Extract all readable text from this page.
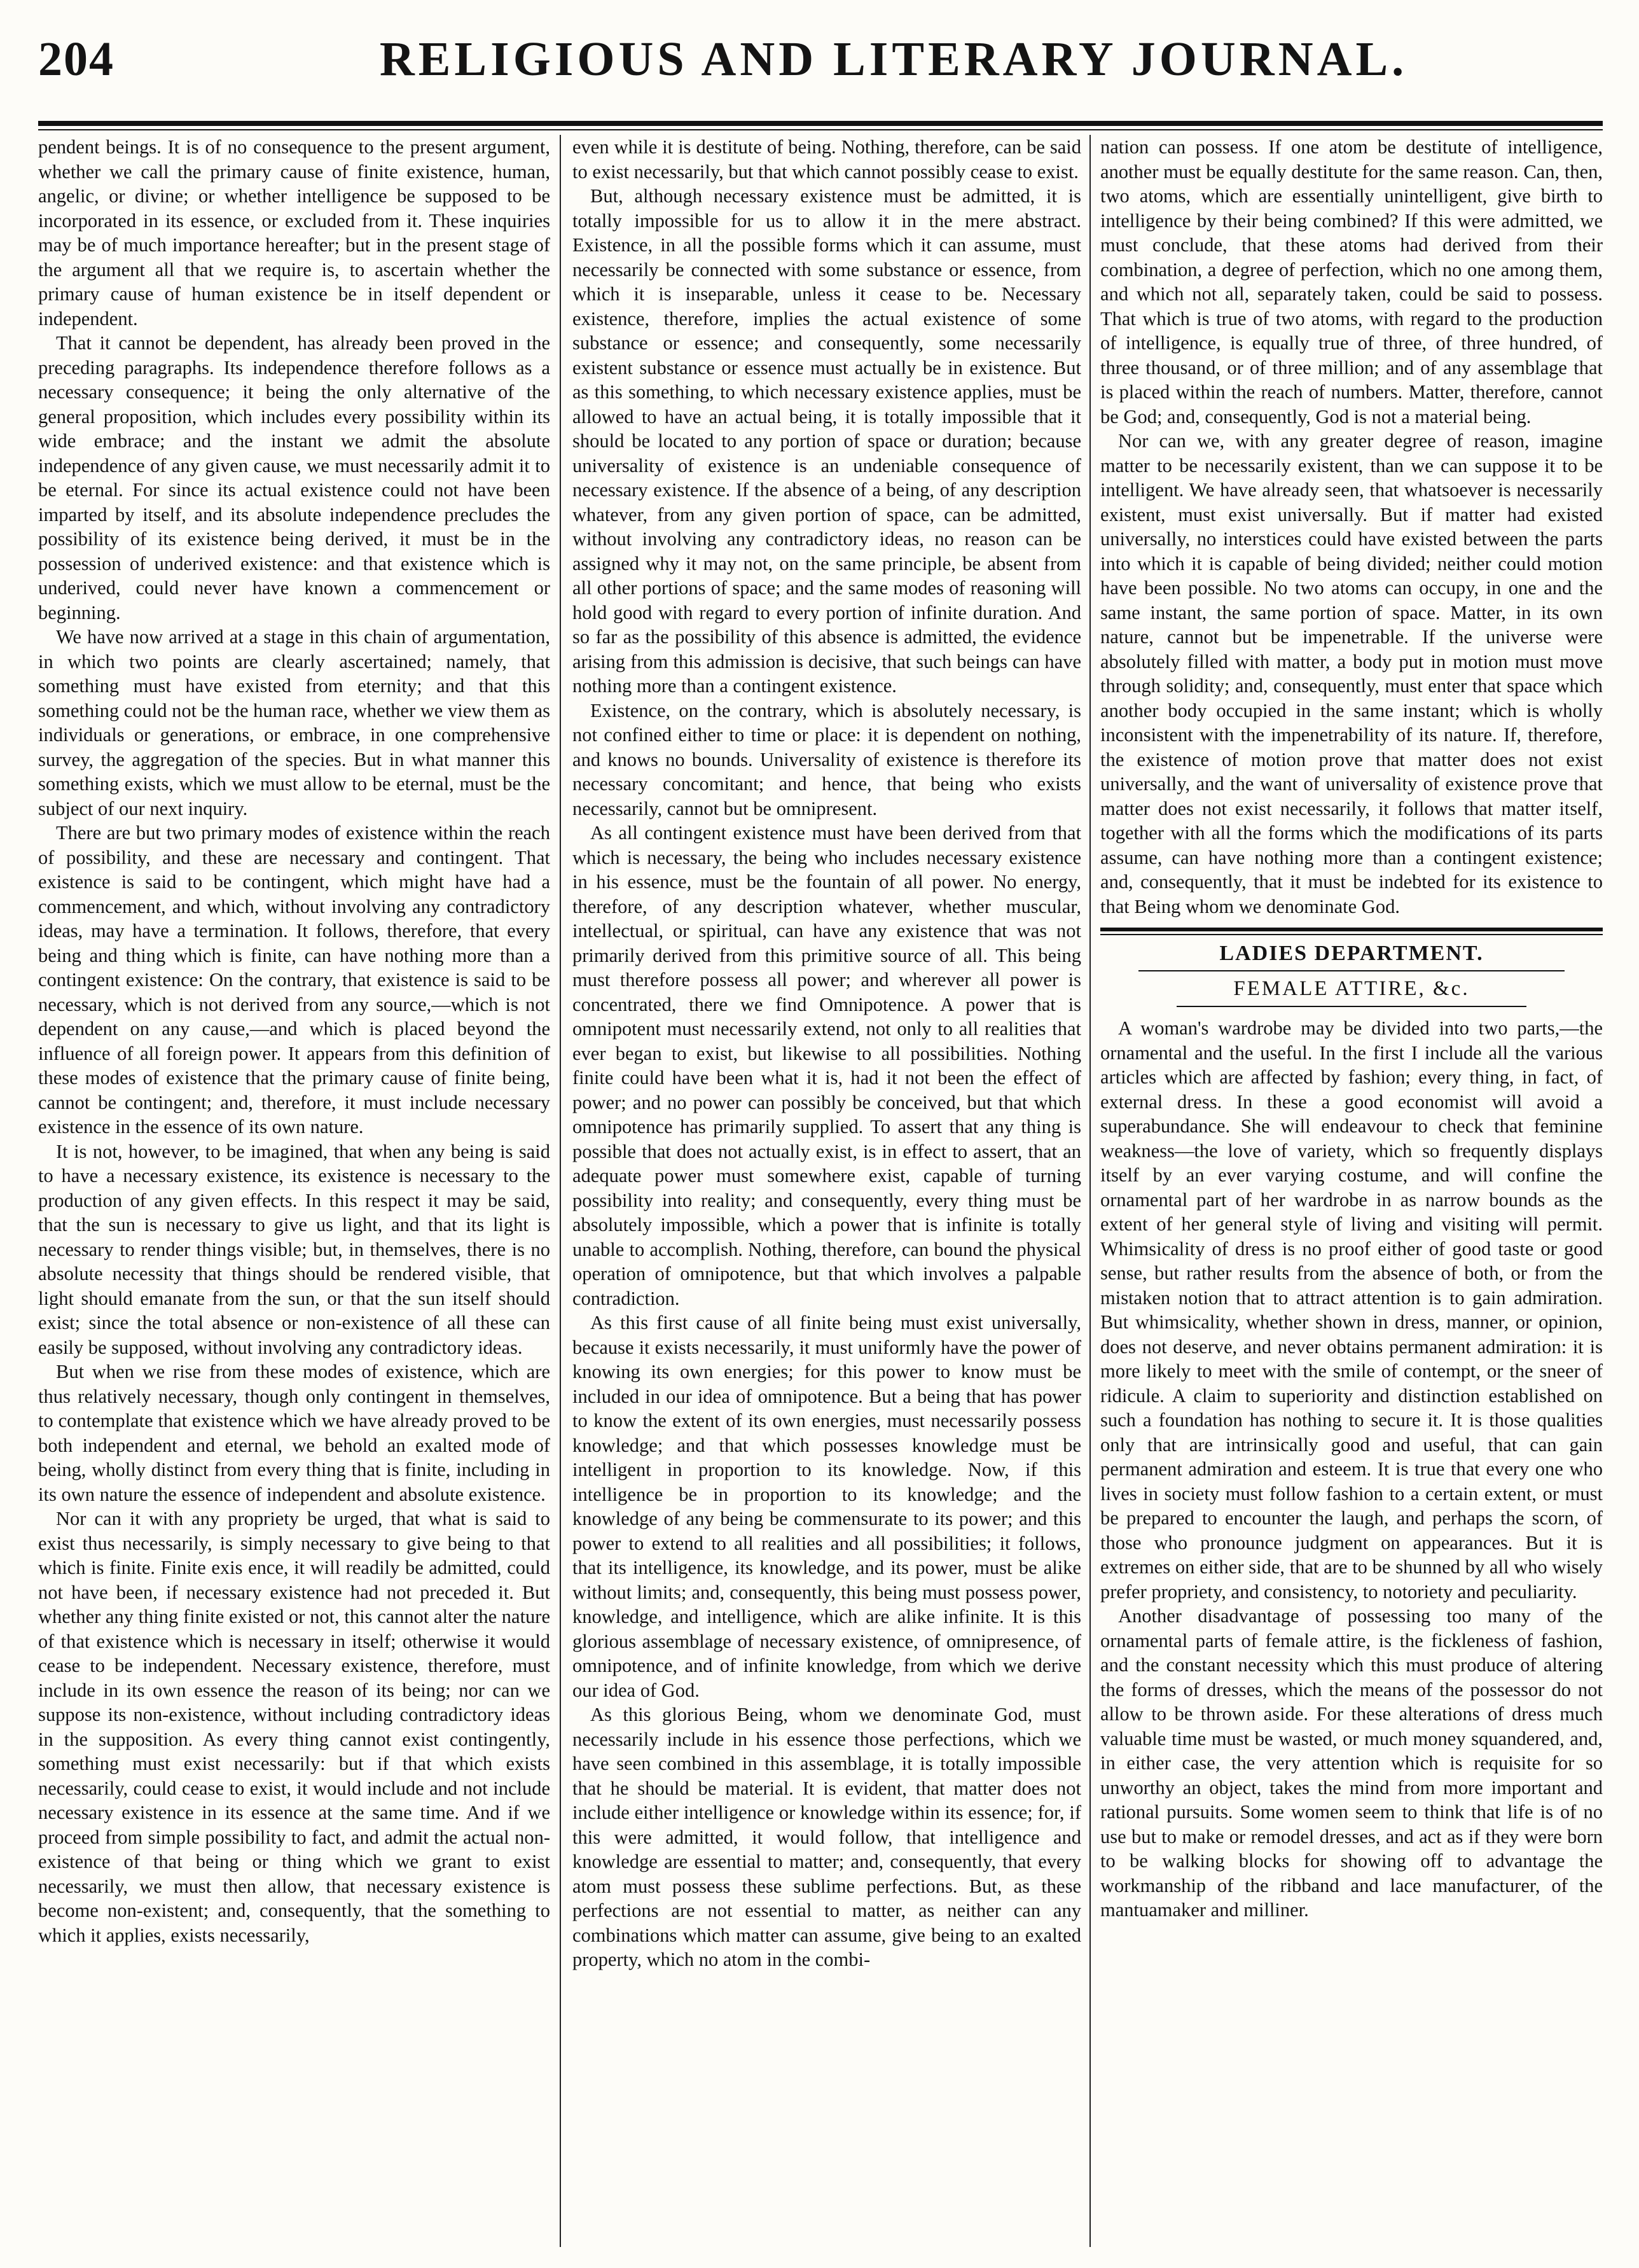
204	RELIGIOUS AND LITERARY JOURNAL.

pendent beings. It is of no consequence to the present argument, whether we call the primary cause of finite existence, human, angelic, or divine; or whether intelligence be supposed to be incorporated in its essence, or excluded from it. These inquiries may be of much importance hereafter; but in the present stage of the argument all that we require is, to ascertain whether the primary cause of human existence be in itself dependent or independent.

That it cannot be dependent, has already been proved in the preceding paragraphs. Its independence therefore follows as a necessary consequence; it being the only alternative of the general proposition, which includes every possibility within its wide embrace; and the instant we admit the absolute independence of any given cause, we must necessarily admit it to be eternal. For since its actual existence could not have been imparted by itself, and its absolute independence precludes the possibility of its existence being derived, it must be in the possession of underived existence: and that existence which is underived, could never have known a commencement or beginning.

We have now arrived at a stage in this chain of argumentation, in which two points are clearly ascertained; namely, that something must have existed from eternity; and that this something could not be the human race, whether we view them as individuals or generations, or embrace, in one comprehensive survey, the aggregation of the species. But in what manner this something exists, which we must allow to be eternal, must be the subject of our next inquiry.

There are but two primary modes of existence within the reach of possibility, and these are necessary and contingent. That existence is said to be contingent, which might have had a commencement, and which, without involving any contradictory ideas, may have a termination. It follows, therefore, that every being and thing which is finite, can have nothing more than a contingent existence: On the contrary, that existence is said to be necessary, which is not derived from any source,—which is not dependent on any cause,—and which is placed beyond the influence of all foreign power. It appears from this definition of these modes of existence that the primary cause of finite being, cannot be contingent; and, therefore, it must include necessary existence in the essence of its own nature.

It is not, however, to be imagined, that when any being is said to have a necessary existence, its existence is necessary to the production of any given effects. In this respect it may be said, that the sun is necessary to give us light, and that its light is necessary to render things visible; but, in themselves, there is no absolute necessity that things should be rendered visible, that light should emanate from the sun, or that the sun itself should exist; since the total absence or non-existence of all these can easily be supposed, without involving any contradictory ideas.

But when we rise from these modes of existence, which are thus relatively necessary, though only contingent in themselves, to contemplate that existence which we have already proved to be both independent and eternal, we behold an exalted mode of being, wholly distinct from every thing that is finite, including in its own nature the essence of independent and absolute existence.

Nor can it with any propriety be urged, that what is said to exist thus necessarily, is simply necessary to give being to that which is finite. Finite exis ence, it will readily be admitted, could not have been, if necessary existence had not preceded it. But whether any thing finite existed or not, this cannot alter the nature of that existence which is necessary in itself; otherwise it would cease to be independent. Necessary existence, therefore, must include in its own essence the reason of its being; nor can we suppose its non-existence, without including contradictory ideas in the supposition. As every thing cannot exist contingently, something must exist necessarily: but if that which exists necessarily, could cease to exist, it would include and not include necessary existence in its essence at the same time. And if we proceed from simple possibility to fact, and admit the actual non-existence of that being or thing which we grant to exist necessarily, we must then allow, that necessary existence is become non-existent; and, consequently, that the something to which it applies, exists necessarily,

even while it is destitute of being. Nothing, therefore, can be said to exist necessarily, but that which cannot possibly cease to exist.

But, although necessary existence must be admitted, it is totally impossible for us to allow it in the mere abstract. Existence, in all the possible forms which it can assume, must necessarily be connected with some substance or essence, from which it is inseparable, unless it cease to be. Necessary existence, therefore, implies the actual existence of some substance or essence; and consequently, some necessarily existent substance or essence must actually be in existence. But as this something, to which necessary existence applies, must be allowed to have an actual being, it is totally impossible that it should be located to any portion of space or duration; because universality of existence is an undeniable consequence of necessary existence. If the absence of a being, of any description whatever, from any given portion of space, can be admitted, without involving any contradictory ideas, no reason can be assigned why it may not, on the same principle, be absent from all other portions of space; and the same modes of reasoning will hold good with regard to every portion of infinite duration. And so far as the possibility of this absence is admitted, the evidence arising from this admission is decisive, that such beings can have nothing more than a contingent existence.

Existence, on the contrary, which is absolutely necessary, is not confined either to time or place: it is dependent on nothing, and knows no bounds. Universality of existence is therefore its necessary concomitant; and hence, that being who exists necessarily, cannot but be omnipresent.

As all contingent existence must have been derived from that which is necessary, the being who includes necessary existence in his essence, must be the fountain of all power. No energy, therefore, of any description whatever, whether muscular, intellectual, or spiritual, can have any existence that was not primarily derived from this primitive source of all. This being must therefore possess all power; and wherever all power is concentrated, there we find Omnipotence. A power that is omnipotent must necessarily extend, not only to all realities that ever began to exist, but likewise to all possibilities. Nothing finite could have been what it is, had it not been the effect of power; and no power can possibly be conceived, but that which omnipotence has primarily supplied. To assert that any thing is possible that does not actually exist, is in effect to assert, that an adequate power must somewhere exist, capable of turning possibility into reality; and consequently, every thing must be absolutely impossible, which a power that is infinite is totally unable to accomplish. Nothing, therefore, can bound the physical operation of omnipotence, but that which involves a palpable contradiction.

As this first cause of all finite being must exist universally, because it exists necessarily, it must uniformly have the power of knowing its own energies; for this power to know must be included in our idea of omnipotence. But a being that has power to know the extent of its own energies, must necessarily possess knowledge; and that which possesses knowledge must be intelligent in proportion to its knowledge. Now, if this intelligence be in proportion to its knowledge; and the knowledge of any being be commensurate to its power; and this power to extend to all realities and all possibilities; it follows, that its intelligence, its knowledge, and its power, must be alike without limits; and, consequently, this being must possess power, knowledge, and intelligence, which are alike infinite. It is this glorious assemblage of necessary existence, of omnipresence, of omnipotence, and of infinite knowledge, from which we derive our idea of God.

As this glorious Being, whom we denominate God, must necessarily include in his essence those perfections, which we have seen combined in this assemblage, it is totally impossible that he should be material. It is evident, that matter does not include either intelligence or knowledge within its essence; for, if this were admitted, it would follow, that intelligence and knowledge are essential to matter; and, consequently, that every atom must possess these sublime perfections. But, as these perfections are not essential to matter, as neither can any combinations which matter can assume, give being to an exalted property, which no atom in the combi-

nation can possess. If one atom be destitute of intelligence, another must be equally destitute for the same reason. Can, then, two atoms, which are essentially unintelligent, give birth to intelligence by their being combined? If this were admitted, we must conclude, that these atoms had derived from their combination, a degree of perfection, which no one among them, and which not all, separately taken, could be said to possess. That which is true of two atoms, with regard to the production of intelligence, is equally true of three, of three hundred, of three thousand, or of three million; and of any assemblage that is placed within the reach of numbers. Matter, therefore, cannot be God; and, consequently, God is not a material being.

Nor can we, with any greater degree of reason, imagine matter to be necessarily existent, than we can suppose it to be intelligent. We have already seen, that whatsoever is necessarily existent, must exist universally. But if matter had existed universally, no interstices could have existed between the parts into which it is capable of being divided; neither could motion have been possible. No two atoms can occupy, in one and the same instant, the same portion of space. Matter, in its own nature, cannot but be impenetrable. If the universe were absolutely filled with matter, a body put in motion must move through solidity; and, consequently, must enter that space which another body occupied in the same instant; which is wholly inconsistent with the impenetrability of its nature. If, therefore, the existence of motion prove that matter does not exist universally, and the want of universality of existence prove that matter does not exist necessarily, it follows that matter itself, together with all the forms which the modifications of its parts assume, can have nothing more than a contingent existence; and, consequently, that it must be indebted for its existence to that Being whom we denominate God.

LADIES DEPARTMENT.
FEMALE ATTIRE, &c.

A woman's wardrobe may be divided into two parts,—the ornamental and the useful. In the first I include all the various articles which are affected by fashion; every thing, in fact, of external dress. In these a good economist will avoid a superabundance. She will endeavour to check that feminine weakness—the love of variety, which so frequently displays itself by an ever varying costume, and will confine the ornamental part of her wardrobe in as narrow bounds as the extent of her general style of living and visiting will permit. Whimsicality of dress is no proof either of good taste or good sense, but rather results from the absence of both, or from the mistaken notion that to attract attention is to gain admiration. But whimsicality, whether shown in dress, manner, or opinion, does not deserve, and never obtains permanent admiration: it is more likely to meet with the smile of contempt, or the sneer of ridicule. A claim to superiority and distinction established on such a foundation has nothing to secure it. It is those qualities only that are intrinsically good and useful, that can gain permanent admiration and esteem. It is true that every one who lives in society must follow fashion to a certain extent, or must be prepared to encounter the laugh, and perhaps the scorn, of those who pronounce judgment on appearances. But it is extremes on either side, that are to be shunned by all who wisely prefer propriety, and consistency, to notoriety and peculiarity.

Another disadvantage of possessing too many of the ornamental parts of female attire, is the fickleness of fashion, and the constant necessity which this must produce of altering the forms of dresses, which the means of the possessor do not allow to be thrown aside. For these alterations of dress much valuable time must be wasted, or much money squandered, and, in either case, the very attention which is requisite for so unworthy an object, takes the mind from more important and rational pursuits. Some women seem to think that life is of no use but to make or remodel dresses, and act as if they were born to be walking blocks for showing off to advantage the workmanship of the ribband and lace manufacturer, of the mantuamaker and milliner.
